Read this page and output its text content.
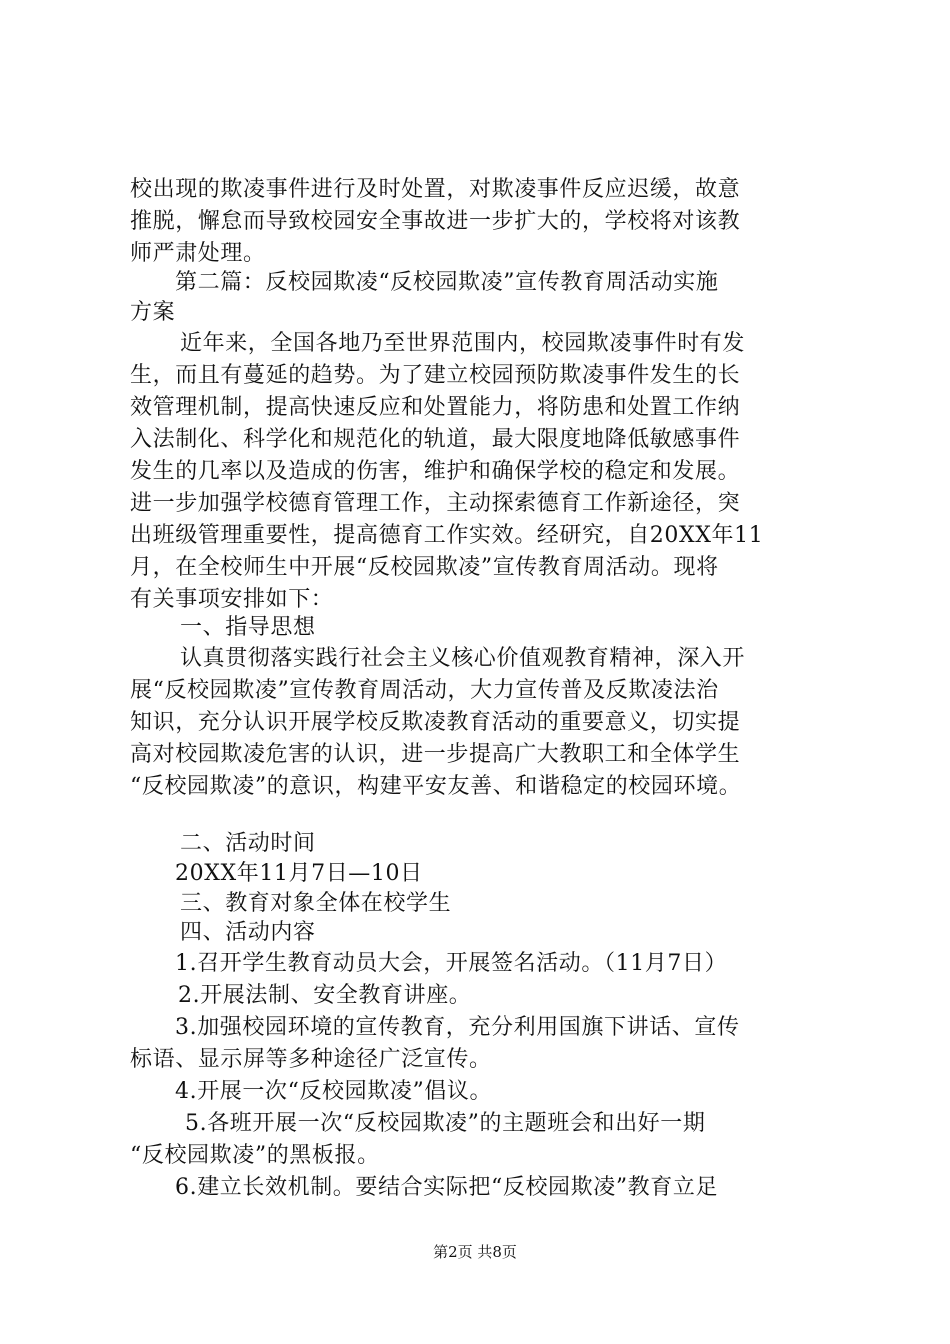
校出现的欺凌事件进行及时处置，对欺凌事件反应迟缓，故意
推脱，懈怠而导致校园安全事故进一步扩大的，学校将对该教
师严肃处理。
第二篇：反校园欺凌“反校园欺凌”宣传教育周活动实施
方案
近年来，全国各地乃至世界范围内，校园欺凌事件时有发
生，而且有蔓延的趋势。为了建立校园预防欺凌事件发生的长
效管理机制，提高快速反应和处置能力，将防患和处置工作纳
入法制化、科学化和规范化的轨道，最大限度地降低敏感事件
发生的几率以及造成的伤害，维护和确保学校的稳定和发展。
进一步加强学校德育管理工作，主动探索德育工作新途径，突
出班级管理重要性，提高德育工作实效。经研究，自20XX年11
月，在全校师生中开展“反校园欺凌”宣传教育周活动。现将
有关事项安排如下：
一、指导思想
认真贯彻落实践行社会主义核心价值观教育精神，深入开
展“反校园欺凌”宣传教育周活动，大力宣传普及反欺凌法治
知识，充分认识开展学校反欺凌教育活动的重要意义，切实提
高对校园欺凌危害的认识，进一步提高广大教职工和全体学生
“反校园欺凌”的意识，构建平安友善、和谐稳定的校园环境。
二、活动时间
20XX年11月7日—10日
三、教育对象全体在校学生
四、活动内容
1.召开学生教育动员大会，开展签名活动。（11月7日）
2.开展法制、安全教育讲座。
3.加强校园环境的宣传教育，充分利用国旗下讲话、宣传
标语、显示屏等多种途径广泛宣传。
4.开展一次“反校园欺凌”倡议。
5.各班开展一次“反校园欺凌”的主题班会和出好一期
“反校园欺凌”的黑板报。
6.建立长效机制。要结合实际把“反校园欺凌”教育立足
第2页 共8页
